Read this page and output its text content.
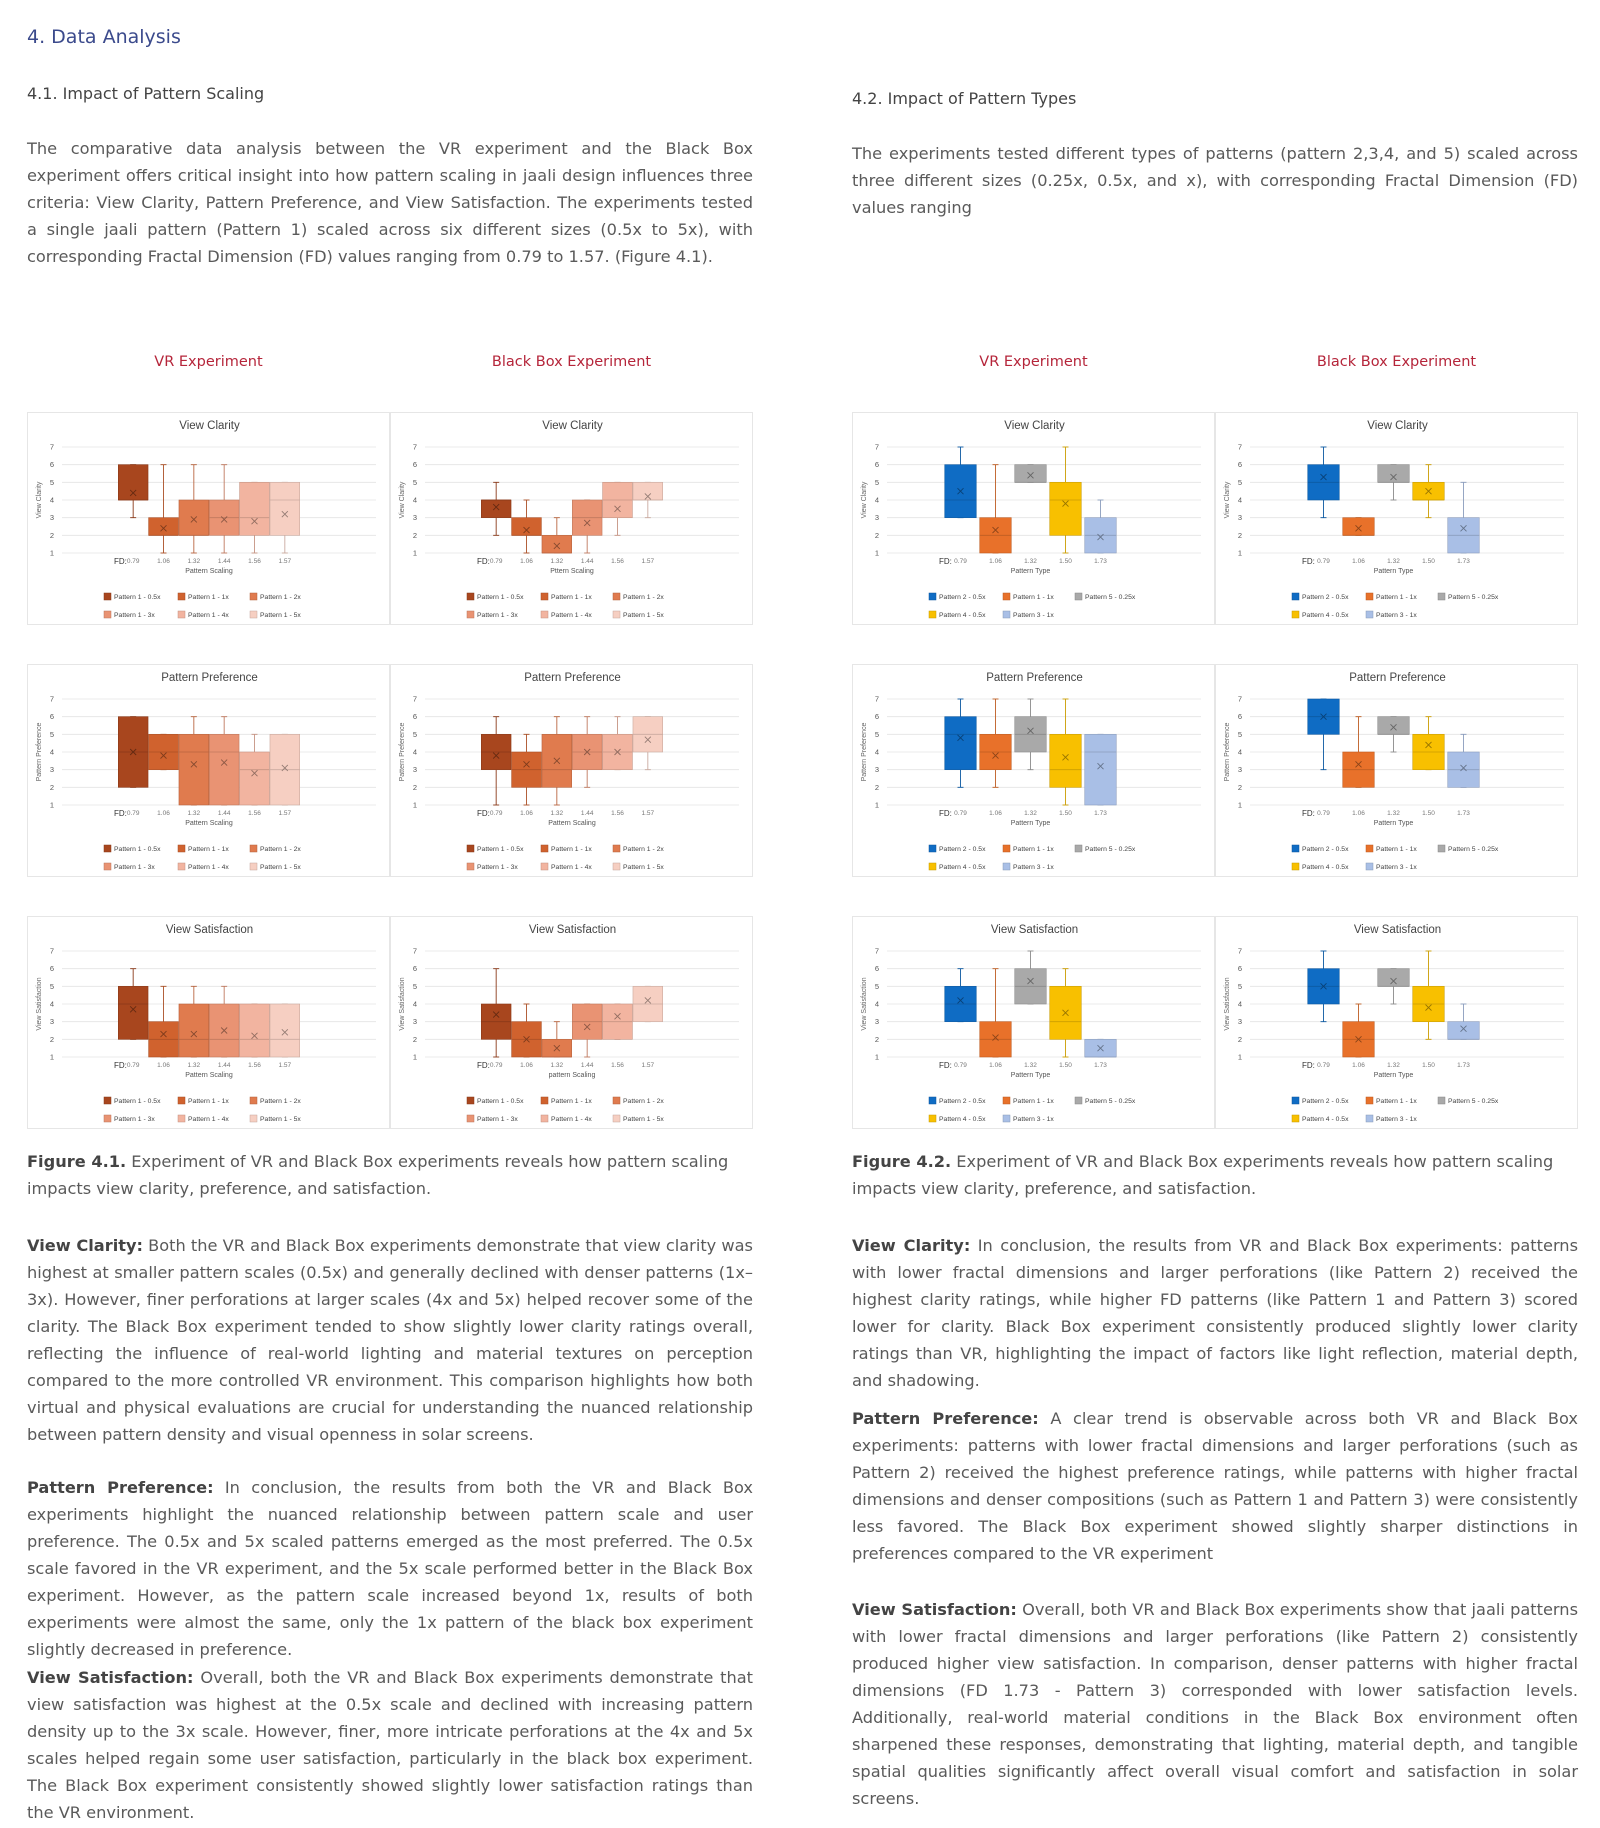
4. Data Analysis
4.1. Impact of Pattern Scaling

The comparative data analysis between the VR experiment and the Black Box experiment offers critical insight into how pattern scaling in jaali design influences three criteria: View Clarity, Pattern Preference, and View Satisfaction. The experiments tested a single jaali pattern (Pattern 1) scaled across six different sizes (0.5x to 5x), with corresponding Fractal Dimension (FD) values ranging from 0.79 to 1.57. (Figure 4.1).

VR Experiment	Black Box Experiment
View Clarity
View Clarity
1
2
3
4
5
6
7
0.79	1.06	1.32	1.44	1.56	1.57
FD:
Pattern Scaling
Pattern 1 - 0.5x	Pattern 1 - 1x	Pattern 1 - 2x
Pattern 1 - 3x	Pattern 1 - 4x	Pattern 1 - 5x
View Clarity
View Clarity
1
2
3
4
5
6
7
0.79	1.06	1.32	1.44	1.56	1.57
FD:
Pttern Scaling
Pattern 1 - 0.5x	Pattern 1 - 1x	Pattern 1 - 2x
Pattern 1 - 3x	Pattern 1 - 4x	Pattern 1 - 5x
Pattern Preference
Pattern Preference
1
2
3
4
5
6
7
0.79	1.06	1.32	1.44	1.56	1.57
FD:
Pattern Scaling
Pattern 1 - 0.5x	Pattern 1 - 1x	Pattern 1 - 2x
Pattern 1 - 3x	Pattern 1 - 4x	Pattern 1 - 5x
Pattern Preference
Pattern Preference
1
2
3
4
5
6
7
0.79	1.06	1.32	1.44	1.56	1.57
FD:
Pattern Scaling
Pattern 1 - 0.5x	Pattern 1 - 1x	Pattern 1 - 2x
Pattern 1 - 3x	Pattern 1 - 4x	Pattern 1 - 5x
View Satisfaction
View Satisfaction
1
2
3
4
5
6
7
0.79	1.06	1.32	1.44	1.56	1.57
FD:
Pattern Scaling
Pattern 1 - 0.5x	Pattern 1 - 1x	Pattern 1 - 2x
Pattern 1 - 3x	Pattern 1 - 4x	Pattern 1 - 5x
View Satisfaction
View Satisfaction
1
2
3
4
5
6
7
0.79	1.06	1.32	1.44	1.56	1.57
FD:
pattern Scaling
Pattern 1 - 0.5x	Pattern 1 - 1x	Pattern 1 - 2x
Pattern 1 - 3x	Pattern 1 - 4x	Pattern 1 - 5x

Figure 4.1. Experiment of VR and Black Box experiments reveals how pattern scaling impacts view clarity, preference, and satisfaction.

View Clarity: Both the VR and Black Box experiments demonstrate that view clarity was highest at smaller pattern scales (0.5x) and generally declined with denser patterns (1x–3x). However, finer perforations at larger scales (4x and 5x) helped recover some of the clarity. The Black Box experiment tended to show slightly lower clarity ratings overall, reflecting the influence of real-world lighting and material textures on perception compared to the more controlled VR environment. This comparison highlights how both virtual and physical evaluations are crucial for understanding the nuanced relationship between pattern density and visual openness in solar screens.

Pattern Preference: In conclusion, the results from both the VR and Black Box experiments highlight the nuanced relationship between pattern scale and user preference. The 0.5x and 5x scaled patterns emerged as the most preferred. The 0.5x scale favored in the VR experiment, and the 5x scale performed better in the Black Box experiment. However, as the pattern scale increased beyond 1x, results of both experiments were almost the same, only the 1x pattern of the black box experiment slightly decreased in preference.

View Satisfaction: Overall, both the VR and Black Box experiments demonstrate that view satisfaction was highest at the 0.5x scale and declined with increasing pattern density up to the 3x scale. However, finer, more intricate perforations at the 4x and 5x scales helped regain some user satisfaction, particularly in the black box experiment. The Black Box experiment consistently showed slightly lower satisfaction ratings than the VR environment.

4.2. Impact of Pattern Types

The experiments tested different types of patterns (pattern 2,3,4, and 5) scaled across three different sizes (0.25x, 0.5x, and x), with corresponding Fractal Dimension (FD) values ranging

VR Experiment	Black Box Experiment
View Clarity
View Clarity
1
2
3
4
5
6
7
0.79	1.06	1.32	1.50	1.73
FD:
Pattern Type
Pattern 2 - 0.5x	Pattern 1 - 1x	Pattern 5 - 0.25x
Pattern 4 - 0.5x	Pattern 3 - 1x
View Clarity
View Clarity
1
2
3
4
5
6
7
0.79	1.06	1.32	1.50	1.73
FD:
Pattern Type
Pattern 2 - 0.5x	Pattern 1 - 1x	Pattern 5 - 0.25x
Pattern 4 - 0.5x	Pattern 3 - 1x
Pattern Preference
Pattern Preference
1
2
3
4
5
6
7
0.79	1.06	1.32	1.50	1.73
FD:
Pattern Type
Pattern 2 - 0.5x	Pattern 1 - 1x	Pattern 5 - 0.25x
Pattern 4 - 0.5x	Pattern 3 - 1x
Pattern Preference
Pattern Preference
1
2
3
4
5
6
7
0.79	1.06	1.32	1.50	1.73
FD:
Pattern Type
Pattern 2 - 0.5x	Pattern 1 - 1x	Pattern 5 - 0.25x
Pattern 4 - 0.5x	Pattern 3 - 1x
View Satisfaction
View Satisfaction
1
2
3
4
5
6
7
0.79	1.06	1.32	1.50	1.73
FD:
Pattern Type
Pattern 2 - 0.5x	Pattern 1 - 1x	Pattern 5 - 0.25x
Pattern 4 - 0.5x	Pattern 3 - 1x
View Satisfaction
View Satisfaction
1
2
3
4
5
6
7
0.79	1.06	1.32	1.50	1.73
FD:
Pattern Type
Pattern 2 - 0.5x	Pattern 1 - 1x	Pattern 5 - 0.25x
Pattern 4 - 0.5x	Pattern 3 - 1x

Figure 4.2. Experiment of VR and Black Box experiments reveals how pattern scaling impacts view clarity, preference, and satisfaction.

View Clarity: In conclusion, the results from VR and Black Box experiments: patterns with lower fractal dimensions and larger perforations (like Pattern 2) received the highest clarity ratings, while higher FD patterns (like Pattern 1 and Pattern 3) scored lower for clarity. Black Box experiment consistently produced slightly lower clarity ratings than VR, highlighting the impact of factors like light reflection, material depth, and shadowing.

Pattern Preference: A clear trend is observable across both VR and Black Box experiments: patterns with lower fractal dimensions and larger perforations (such as Pattern 2) received the highest preference ratings, while patterns with higher fractal dimensions and denser compositions (such as Pattern 1 and Pattern 3) were consistently less favored. The Black Box experiment showed slightly sharper distinctions in preferences compared to the VR experiment

View Satisfaction: Overall, both VR and Black Box experiments show that jaali patterns with lower fractal dimensions and larger perforations (like Pattern 2) consistently produced higher view satisfaction. In comparison, denser patterns with higher fractal dimensions (FD 1.73 - Pattern 3) corresponded with lower satisfaction levels. Additionally, real-world material conditions in the Black Box environment often sharpened these responses, demonstrating that lighting, material depth, and tangible spatial qualities significantly affect overall visual comfort and satisfaction in solar screens.
